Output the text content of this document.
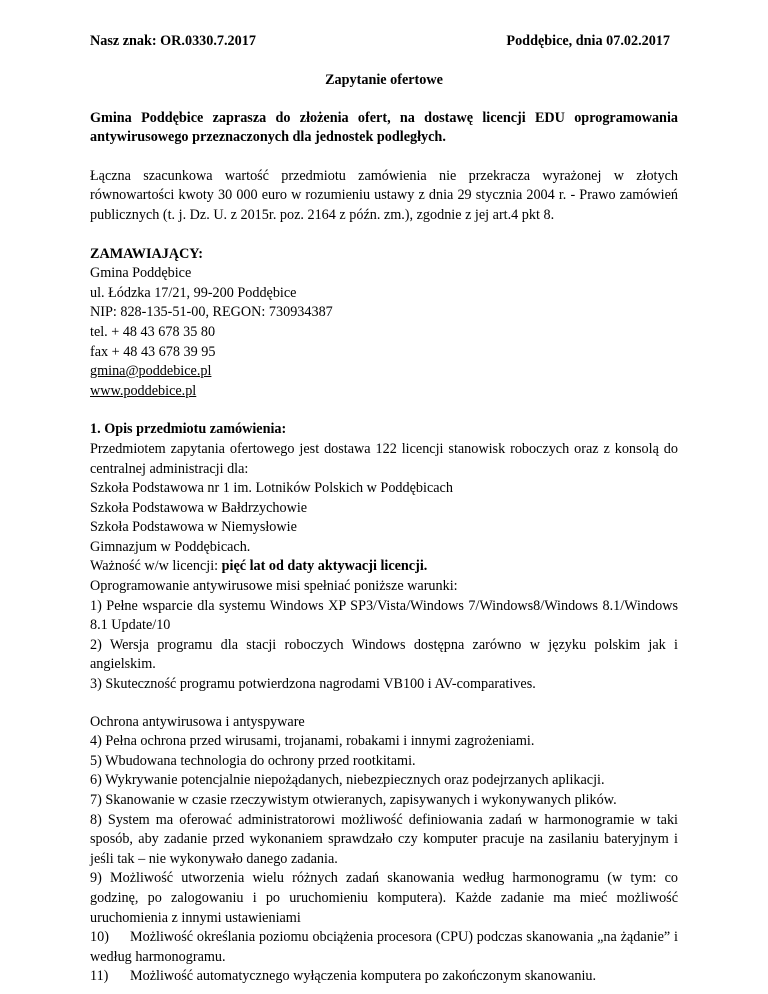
Nasz znak: OR.0330.7.2017	Poddębice, dnia 07.02.2017
Zapytanie ofertowe

Gmina Poddębice zaprasza do złożenia ofert, na dostawę licencji EDU oprogramowania antywirusowego przeznaczonych dla jednostek podległych.

Łączna szacunkowa wartość przedmiotu zamówienia nie przekracza wyrażonej w złotych równowartości kwoty 30 000 euro w rozumieniu ustawy z dnia 29 stycznia 2004 r. - Prawo zamówień publicznych (t. j. Dz. U. z 2015r. poz. 2164 z późn. zm.), zgodnie z jej art.4 pkt 8.

ZAMAWIAJĄCY:

Gmina Poddębice

ul. Łódzka 17/21, 99-200 Poddębice

NIP: 828-135-51-00, REGON: 730934387

tel. + 48 43 678 35 80

fax + 48 43 678 39 95

gmina@poddebice.pl

www.poddebice.pl

1. Opis przedmiotu zamówienia:

Przedmiotem zapytania ofertowego jest dostawa 122 licencji stanowisk roboczych oraz z konsolą do centralnej administracji dla:

Szkoła Podstawowa nr 1 im. Lotników Polskich w Poddębicach

Szkoła Podstawowa w Bałdrzychowie

Szkoła Podstawowa w Niemysłowie

Gimnazjum w Poddębicach.

Ważność w/w licencji: pięć lat od daty aktywacji licencji.

Oprogramowanie antywirusowe misi spełniać poniższe warunki:

1) Pełne wsparcie dla systemu Windows XP SP3/Vista/Windows 7/Windows8/Windows 8.1/Windows 8.1 Update/10

2) Wersja programu dla stacji roboczych Windows dostępna zarówno w języku polskim jak i angielskim.

3) Skuteczność programu potwierdzona nagrodami VB100 i AV-comparatives.

Ochrona antywirusowa i antyspyware

4) Pełna ochrona przed wirusami, trojanami, robakami i innymi zagrożeniami.

5) Wbudowana technologia do ochrony przed rootkitami.

6) Wykrywanie potencjalnie niepożądanych, niebezpiecznych oraz podejrzanych aplikacji.

7) Skanowanie w czasie rzeczywistym otwieranych, zapisywanych i wykonywanych plików.

8) System ma oferować administratorowi możliwość definiowania zadań w harmonogramie w taki sposób, aby zadanie przed wykonaniem sprawdzało czy komputer pracuje na zasilaniu bateryjnym i jeśli tak – nie wykonywało danego zadania.

9) Możliwość utworzenia wielu różnych zadań skanowania według harmonogramu (w tym: co godzinę, po zalogowaniu i po uruchomieniu komputera). Każde zadanie ma mieć możliwość uruchomienia z innymi ustawieniami

10) Możliwość określania poziomu obciążenia procesora (CPU) podczas skanowania „na żądanie” i według harmonogramu.

11) Możliwość automatycznego wyłączenia komputera po zakończonym skanowaniu.
